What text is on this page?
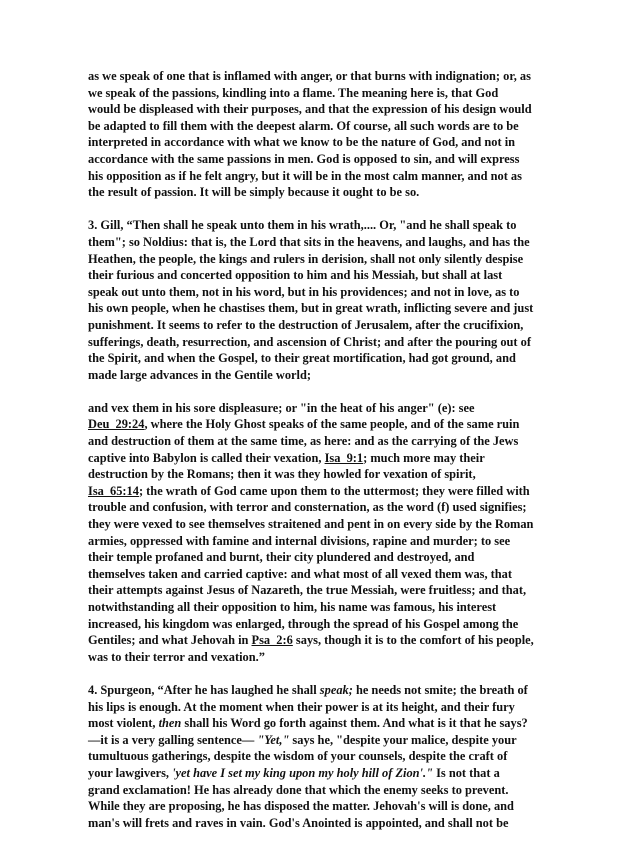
as we speak of one that is inflamed with anger, or that burns with indignation; or, as
we speak of the passions, kindling into a flame. The meaning here is, that God
would be displeased with their purposes, and that the expression of his design would
be adapted to fill them with the deepest alarm. Of course, all such words are to be
interpreted in accordance with what we know to be the nature of God, and not in
accordance with the same passions in men. God is opposed to sin, and will express
his opposition as if he felt angry, but it will be in the most calm manner, and not as
the result of passion. It will be simply because it ought to be so.

3. Gill, “Then shall he speak unto them in his wrath,.... Or, "and he shall speak to
them"; so Noldius: that is, the Lord that sits in the heavens, and laughs, and has the
Heathen, the people, the kings and rulers in derision, shall not only silently despise
their furious and concerted opposition to him and his Messiah, but shall at last
speak out unto them, not in his word, but in his providences; and not in love, as to
his own people, when he chastises them, but in great wrath, inflicting severe and just
punishment. It seems to refer to the destruction of Jerusalem, after the crucifixion,
sufferings, death, resurrection, and ascension of Christ; and after the pouring out of
the Spirit, and when the Gospel, to their great mortification, had got ground, and
made large advances in the Gentile world;

and vex them in his sore displeasure; or "in the heat of his anger" (e): see
Deu_29:24, where the Holy Ghost speaks of the same people, and of the same ruin
and destruction of them at the same time, as here: and as the carrying of the Jews
captive into Babylon is called their vexation, Isa_9:1; much more may their
destruction by the Romans; then it was they howled for vexation of spirit,
Isa_65:14; the wrath of God came upon them to the uttermost; they were filled with
trouble and confusion, with terror and consternation, as the word (f) used signifies;
they were vexed to see themselves straitened and pent in on every side by the Roman
armies, oppressed with famine and internal divisions, rapine and murder; to see
their temple profaned and burnt, their city plundered and destroyed, and
themselves taken and carried captive: and what most of all vexed them was, that
their attempts against Jesus of Nazareth, the true Messiah, were fruitless; and that,
notwithstanding all their opposition to him, his name was famous, his interest
increased, his kingdom was enlarged, through the spread of his Gospel among the
Gentiles; and what Jehovah in Psa_2:6 says, though it is to the comfort of his people,
was to their terror and vexation.”

4. Spurgeon, “After he has laughed he shall speak; he needs not smite; the breath of
his lips is enough. At the moment when their power is at its height, and their fury
most violent, then shall his Word go forth against them. And what is it that he says?
—it is a very galling sentence— "Yet," says he, "despite your malice, despite your
tumultuous gatherings, despite the wisdom of your counsels, despite the craft of
your lawgivers, 'yet have I set my king upon my holy hill of Zion'." Is not that a
grand exclamation! He has already done that which the enemy seeks to prevent.
While they are proposing, he has disposed the matter. Jehovah's will is done, and
man's will frets and raves in vain. God's Anointed is appointed, and shall not be
